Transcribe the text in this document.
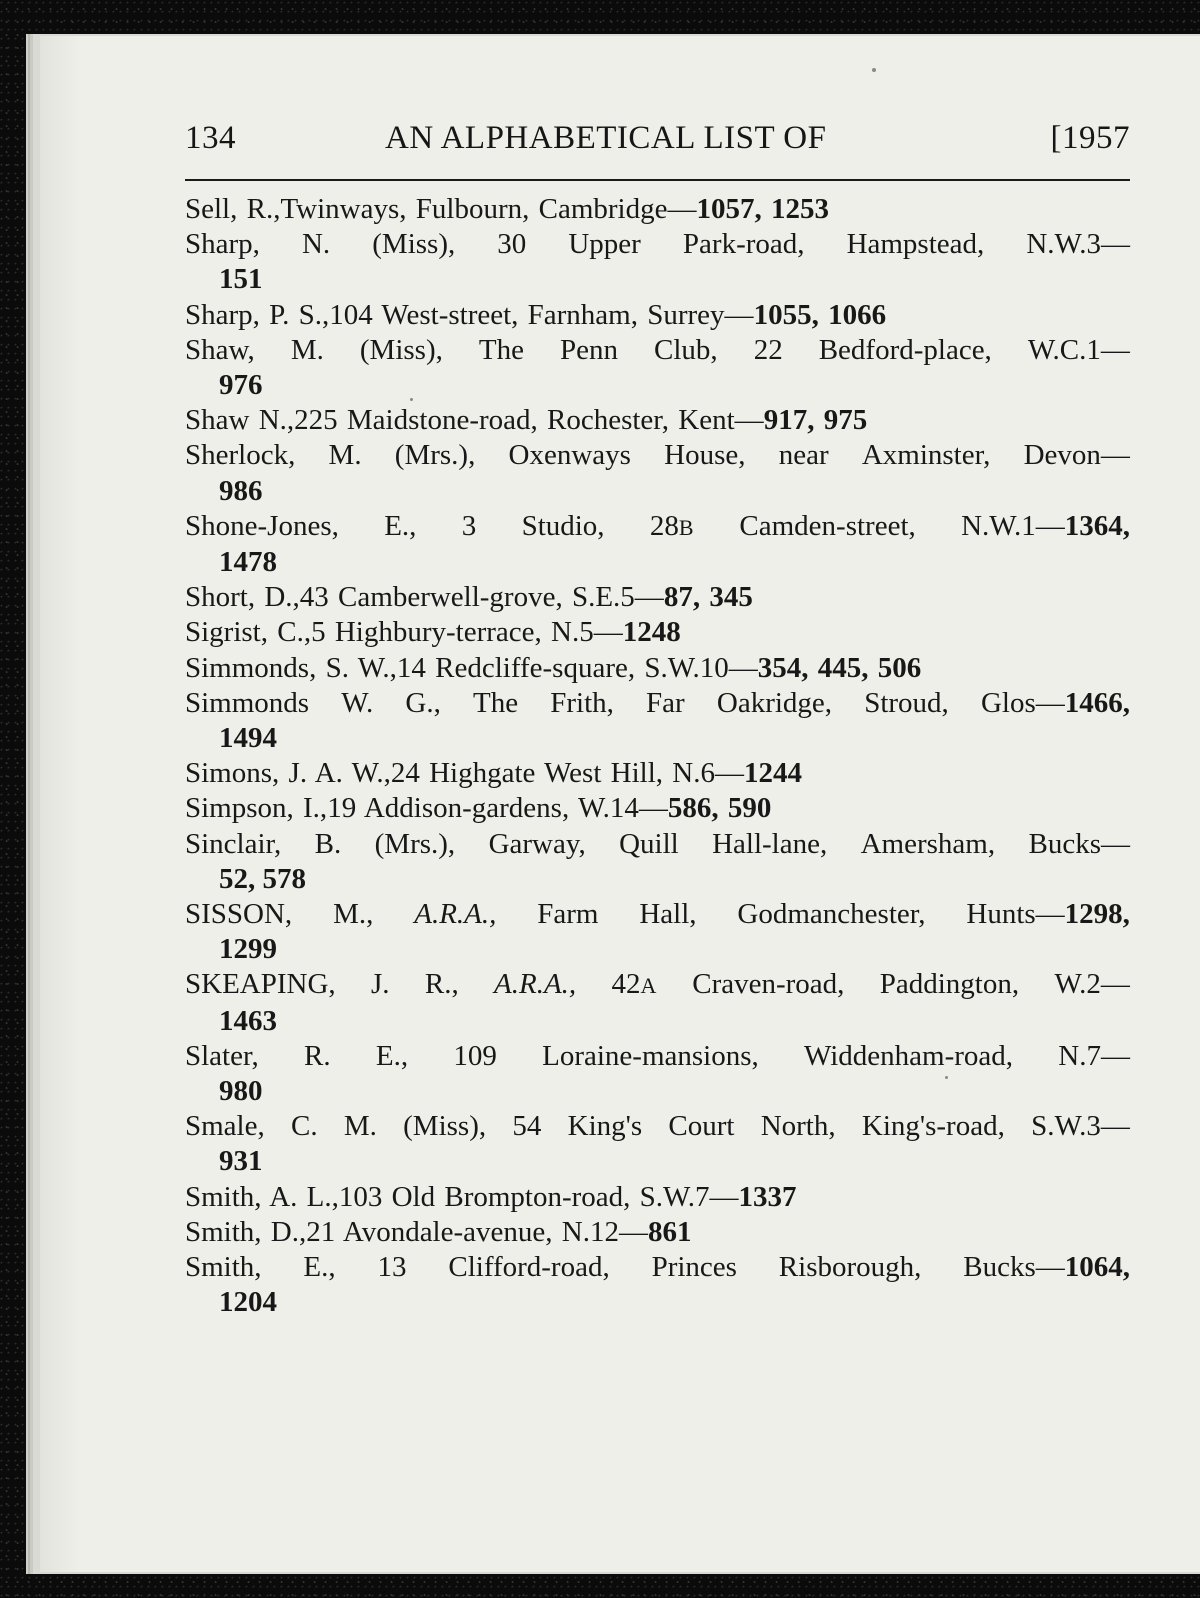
134	AN ALPHABETICAL LIST OF	[1957
Sell, R., Twinways, Fulbourn, Cambridge— 1057, 1253
Sharp, N. (Miss), 30 Upper Park-road, Hampstead, N.W.3—
151
Sharp, P. S., 104 West-street, Farnham, Surrey— 1055, 1066
Shaw, M. (Miss), The Penn Club, 22 Bedford-place, W.C.1—
976
Shaw N., 225 Maidstone-road, Rochester, Kent— 917, 975
Sherlock, M. (Mrs.), Oxenways House, near Axminster, Devon—
986
Shone-Jones, E., 3 Studio, 28B Camden-street, N.W.1—1364,
1478
Short, D., 43 Camberwell-grove, S.E.5— 87, 345
Sigrist, C., 5 Highbury-terrace, N.5— 1248
Simmonds, S. W., 14 Redcliffe-square, S.W.10— 354, 445, 506
Simmonds W. G., The Frith, Far Oakridge, Stroud, Glos—1466,
1494
Simons, J. A. W., 24 Highgate West Hill, N.6— 1244
Simpson, I., 19 Addison-gardens, W.14— 586, 590
Sinclair, B. (Mrs.), Garway, Quill Hall-lane, Amersham, Bucks—
52, 578
SISSON, M., A.R.A., Farm Hall, Godmanchester, Hunts—1298,
1299
SKEAPING, J. R., A.R.A., 42A Craven-road, Paddington, W.2—
1463
Slater, R. E., 109 Loraine-mansions, Widdenham-road, N.7—
980
Smale, C. M. (Miss), 54 King's Court North, King's-road, S.W.3—
931
Smith, A. L., 103 Old Brompton-road, S.W.7— 1337
Smith, D., 21 Avondale-avenue, N.12— 861
Smith, E., 13 Clifford-road, Princes Risborough, Bucks—1064,
1204
